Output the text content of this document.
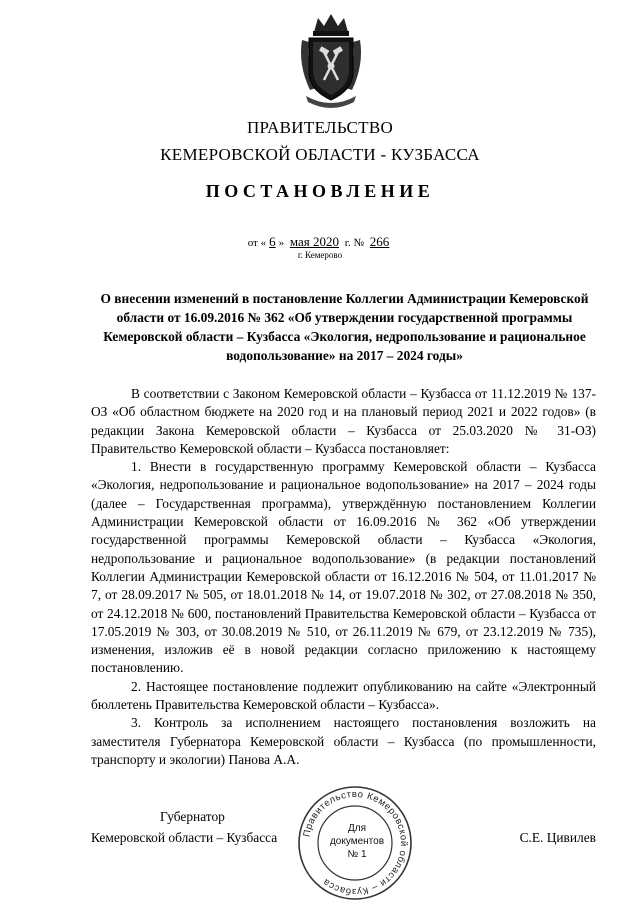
ПРАВИТЕЛЬСТВО
КЕМЕРОВСКОЙ ОБЛАСТИ - КУЗБАССА
ПОСТАНОВЛЕНИЕ
от « 6 » мая 2020 г. № 266
г. Кемерово
О внесении изменений в постановление Коллегии Администрации Кемеровской области от 16.09.2016 № 362 «Об утверждении государственной программы Кемеровской области – Кузбасса «Экология, недропользование и рациональное водопользование» на 2017 – 2024 годы»

В соответствии с Законом Кемеровской области – Кузбасса от 11.12.2019 № 137-ОЗ «Об областном бюджете на 2020 год и на плановый период 2021 и 2022 годов» (в редакции Закона Кемеровской области – Кузбасса от 25.03.2020 № 31-ОЗ) Правительство Кемеровской области – Кузбасса постановляет:

1. Внести в государственную программу Кемеровской области – Кузбасса «Экология, недропользование и рациональное водопользование» на 2017 – 2024 годы (далее – Государственная программа), утверждённую постановлением Коллегии Администрации Кемеровской области от 16.09.2016 № 362 «Об утверждении государственной программы Кемеровской области – Кузбасса «Экология, недропользование и рациональное водопользование» (в редакции постановлений Коллегии Администрации Кемеровской области от 16.12.2016 № 504, от 11.01.2017 № 7, от 28.09.2017 № 505, от 18.01.2018 № 14, от 19.07.2018 № 302, от 27.08.2018 № 350, от 24.12.2018 № 600, постановлений Правительства Кемеровской области – Кузбасса от 17.05.2019 № 303, от 30.08.2019 № 510, от 26.11.2019 № 679, от 23.12.2019 № 735), изменения, изложив её в новой редакции согласно приложению к настоящему постановлению.

2. Настоящее постановление подлежит опубликованию на сайте «Электронный бюллетень Правительства Кемеровской области – Кузбасса».

3. Контроль за исполнением настоящего постановления возложить на заместителя Губернатора Кемеровской области – Кузбасса (по промышленности, транспорту и экологии) Панова А.А.

Губернатор
Кемеровской области – Кузбасса	С.Е. Цивилев
Правительство Кемеровской области – Кузбасса
Для
документов
№ 1
